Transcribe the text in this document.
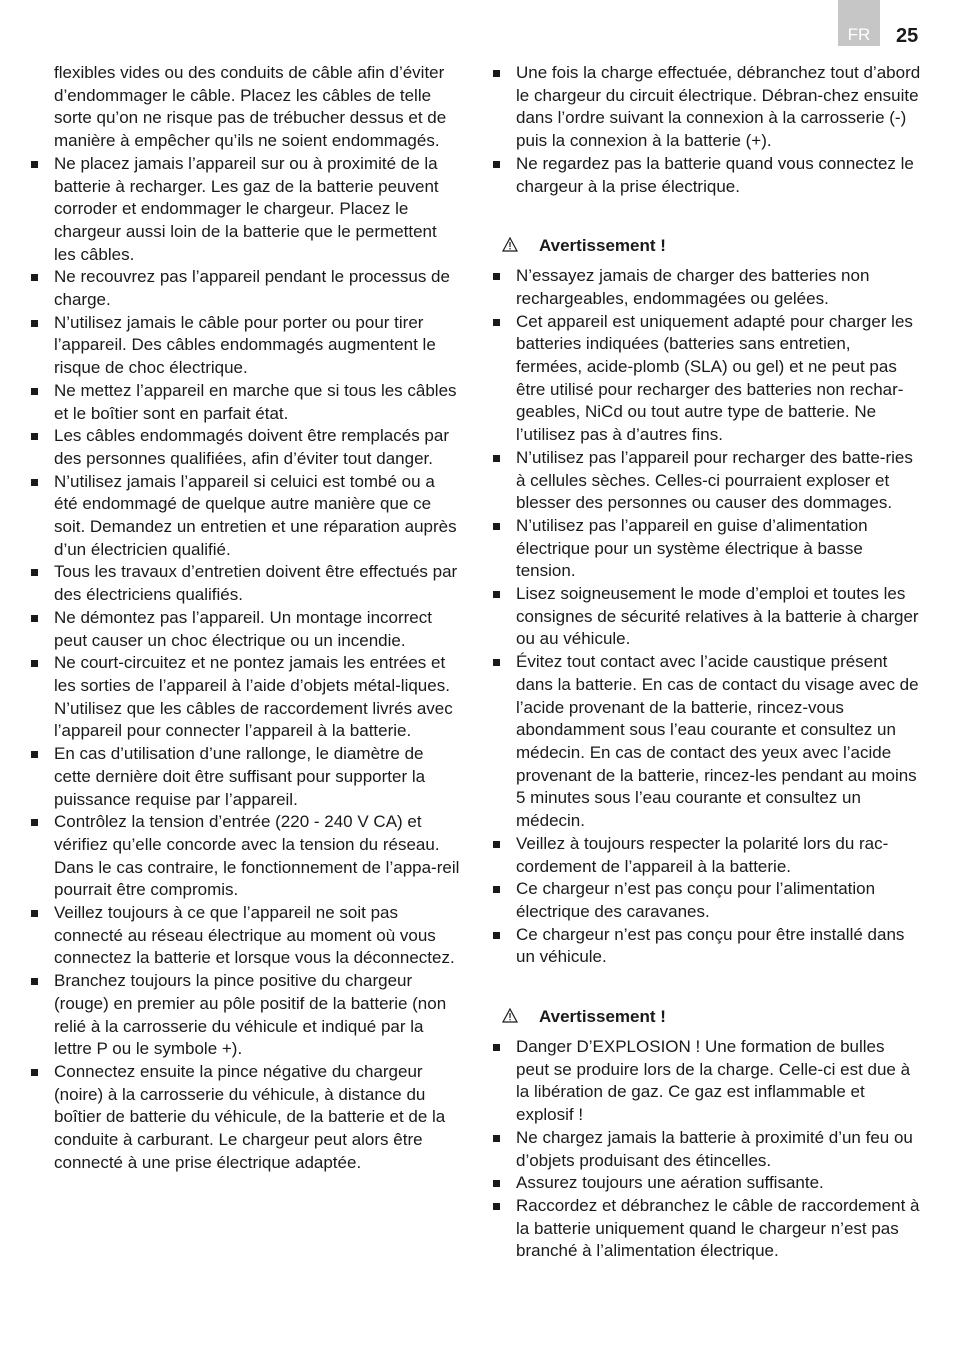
FR	25
flexibles vides ou des conduits de câble afin d’éviter d’endommager le câble. Placez les câbles de telle sorte qu’on ne risque pas de trébucher dessus et de manière à empêcher qu’ils ne soient endommagés.
Ne placez jamais l’appareil sur ou à proximité de la batterie à recharger. Les gaz de la batterie peuvent corroder et endommager le chargeur. Placez le chargeur aussi loin de la batterie que le permettent les câbles.
Ne recouvrez pas l’appareil pendant le processus de charge.
N’utilisez jamais le câble pour porter ou pour tirer l’appareil. Des câbles endommagés augmentent le risque de choc électrique.
Ne mettez l’appareil en marche que si tous les câbles et le boîtier sont en parfait état.
Les câbles endommagés doivent être remplacés par des personnes qualifiées, afin d’éviter tout danger.
N’utilisez jamais l’appareil si celuici est tombé ou a été endommagé de quelque autre manière que ce soit. Demandez un entretien et une réparation auprès d’un électricien qualifié.
Tous les travaux d’entretien doivent être effectués par des électriciens qualifiés.
Ne démontez pas l’appareil. Un montage incorrect peut causer un choc électrique ou un incendie.
Ne court-circuitez et ne pontez jamais les entrées et les sorties de l’appareil à l’aide d’objets métal-liques. N’utilisez que les câbles de raccordement livrés avec l’appareil pour connecter l’appareil à la batterie.
En cas d’utilisation d’une rallonge, le diamètre de cette dernière doit être suffisant pour supporter la puissance requise par l’appareil.
Contrôlez la tension d’entrée (220 - 240 V CA) et vérifiez qu’elle concorde avec la tension du réseau. Dans le cas contraire, le fonctionnement de l’appa-reil pourrait être compromis.
Veillez toujours à ce que l’appareil ne soit pas connecté au réseau électrique au moment où vous connectez la batterie et lorsque vous la déconnectez.
Branchez toujours la pince positive du chargeur (rouge) en premier au pôle positif de la batterie (non relié à la carrosserie du véhicule et indiqué par la lettre P ou le symbole +).
Connectez ensuite la pince négative du chargeur (noire) à la carrosserie du véhicule, à distance du boîtier de batterie du véhicule, de la batterie et de la conduite à carburant. Le chargeur peut alors être connecté à une prise électrique adaptée.
Une fois la charge effectuée, débranchez tout d’abord le chargeur du circuit électrique. Débran-chez ensuite dans l’ordre suivant la connexion à la carrosserie (-) puis la connexion à la batterie (+).
Ne regardez pas la batterie quand vous connectez le chargeur à la prise électrique.
Avertissement !
N’essayez jamais de charger des batteries non rechargeables, endommagées ou gelées.
Cet appareil est uniquement adapté pour charger les batteries indiquées (batteries sans entretien, fermées, acide-plomb (SLA) ou gel) et ne peut pas être utilisé pour recharger des batteries non rechar-geables, NiCd ou tout autre type de batterie. Ne l’utilisez pas à d’autres fins.
N’utilisez pas l’appareil pour recharger des batte-ries à cellules sèches. Celles-ci pourraient exploser et blesser des personnes ou causer des dommages.
N’utilisez pas l’appareil en guise d’alimentation électrique pour un système électrique à basse tension.
Lisez soigneusement le mode d’emploi et toutes les consignes de sécurité relatives à la batterie à charger ou au véhicule.
Évitez tout contact avec l’acide caustique présent dans la batterie. En cas de contact du visage avec de l’acide provenant de la batterie, rincez-vous abondamment sous l’eau courante et consultez un médecin. En cas de contact des yeux avec l’acide provenant de la batterie, rincez-les pendant au moins 5 minutes sous l’eau courante et consultez un médecin.
Veillez à toujours respecter la polarité lors du rac-cordement de l’appareil à la batterie.
Ce chargeur n’est pas conçu pour l’alimentation électrique des caravanes.
Ce chargeur n’est pas conçu pour être installé dans un véhicule.
Avertissement !
Danger D’EXPLOSION ! Une formation de bulles peut se produire lors de la charge. Celle-ci est due à la libération de gaz. Ce gaz est inflammable et explosif !
Ne chargez jamais la batterie à proximité d’un feu ou d’objets produisant des étincelles.
Assurez toujours une aération suffisante.
Raccordez et débranchez le câble de raccordement à la batterie uniquement quand le chargeur n’est pas branché à l’alimentation électrique.
